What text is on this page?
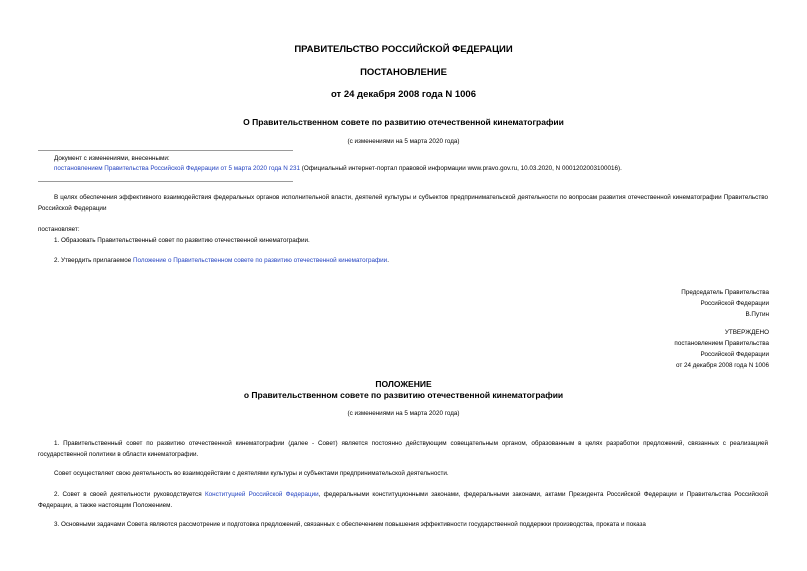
ПРАВИТЕЛЬСТВО РОССИЙСКОЙ ФЕДЕРАЦИИ
ПОСТАНОВЛЕНИЕ
от 24 декабря 2008 года N 1006
О Правительственном совете по развитию отечественной кинематографии
(с изменениями на 5 марта 2020 года)
Документ с изменениями, внесенными:
постановлением Правительства Российской Федерации от 5 марта 2020 года N 231 (Официальный интернет-портал правовой информации www.pravo.gov.ru, 10.03.2020, N 0001202003100016).
В целях обеспечения эффективного взаимодействия федеральных органов исполнительной власти, деятелей культуры и субъектов предпринимательской деятельности по вопросам развития отечественной кинематографии Правительство Российской Федерации
постановляет:
1. Образовать Правительственный совет по развитию отечественной кинематографии.
2. Утвердить прилагаемое Положение о Правительственном совете по развитию отечественной кинематографии.
Председатель Правительства
Российской Федерации
В.Путин
УТВЕРЖДЕНО
постановлением Правительства
Российской Федерации
от 24 декабря 2008 года N 1006
ПОЛОЖЕНИЕ
о Правительственном совете по развитию отечественной кинематографии
(с изменениями на 5 марта 2020 года)
1. Правительственный совет по развитию отечественной кинематографии (далее - Совет) является постоянно действующим совещательным органом, образованным в целях разработки предложений, связанных с реализацией государственной политики в области кинематографии.
Совет осуществляет свою деятельность во взаимодействии с деятелями культуры и субъектами предпринимательской деятельности.
2. Совет в своей деятельности руководствуется Конституцией Российской Федерации, федеральными конституционными законами, федеральными законами, актами Президента Российской Федерации и Правительства Российской Федерации, а также настоящим Положением.
3. Основными задачами Совета являются рассмотрение и подготовка предложений, связанных с обеспечением повышения эффективности государственной поддержки производства, проката и показа
